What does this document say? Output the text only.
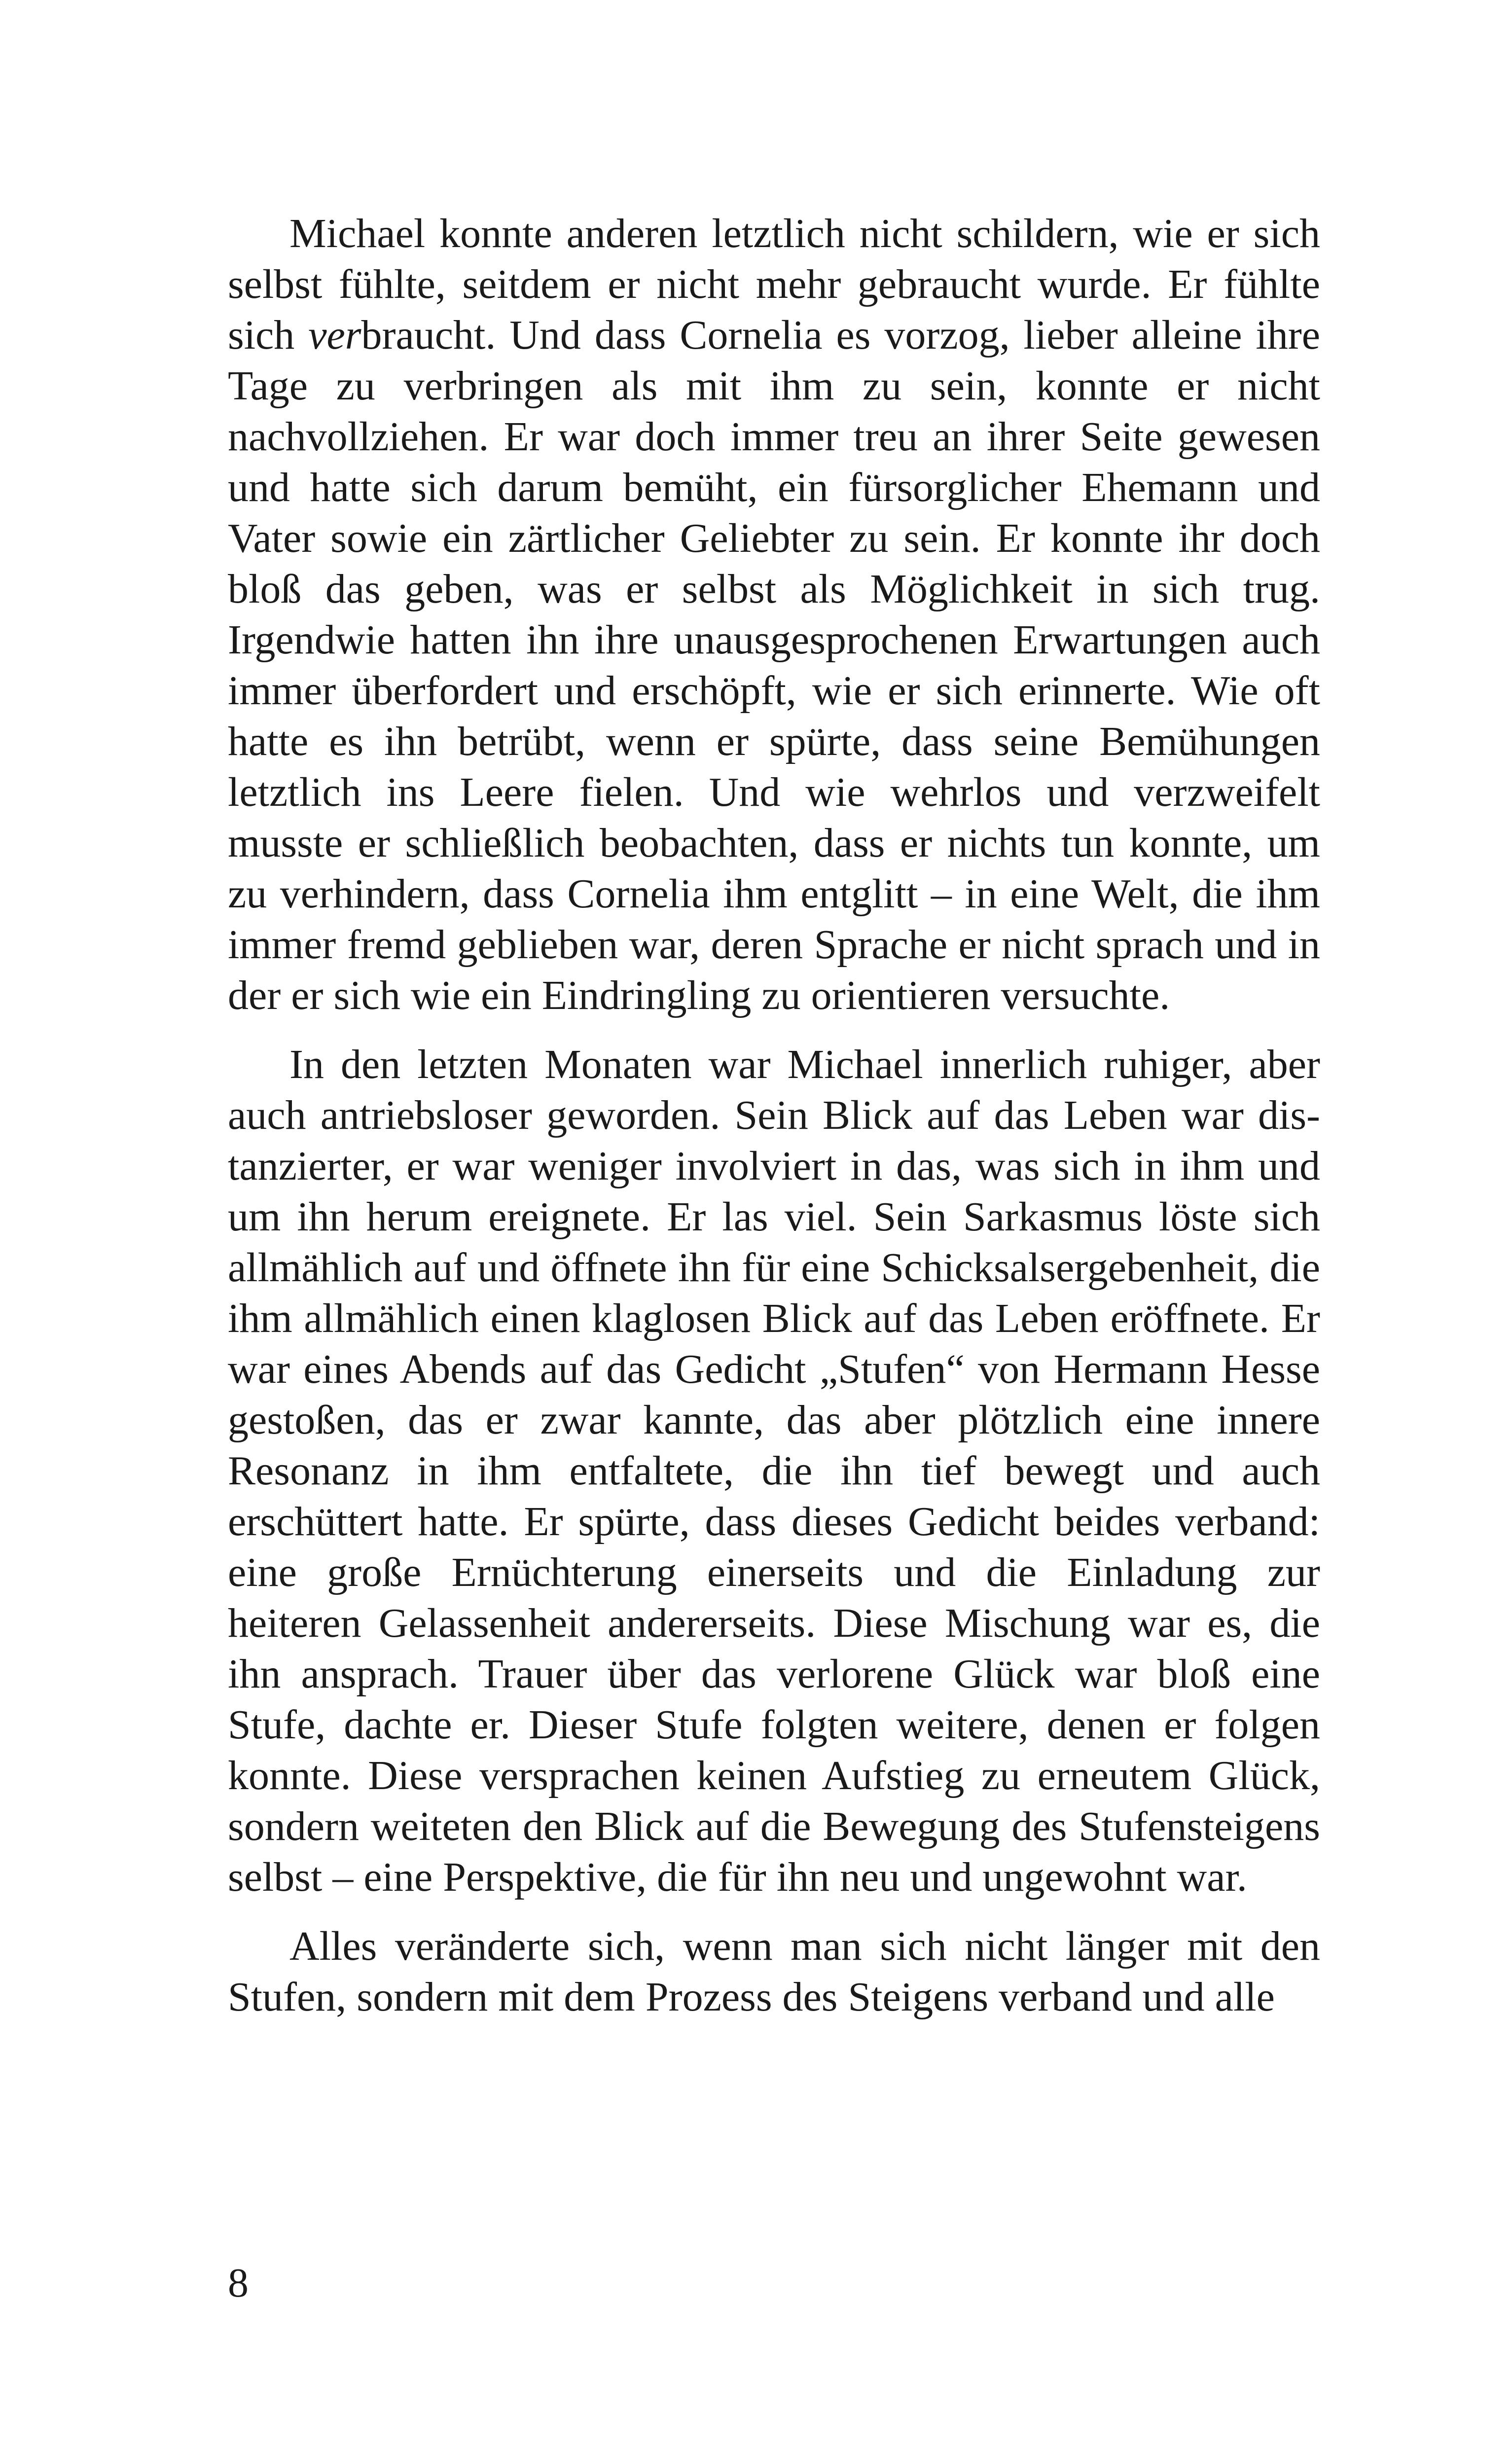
Michael konnte anderen letztlich nicht schildern, wie er sich selbst fühlte, seitdem er nicht mehr gebraucht wurde. Er fühlte sich verbraucht. Und dass Cornelia es vorzog, lieber alleine ihre Tage zu verbringen als mit ihm zu sein, konnte er nicht nachvollziehen. Er war doch immer treu an ihrer Seite gewesen und hatte sich darum bemüht, ein fürsorglicher Ehemann und Vater sowie ein zärtlicher Geliebter zu sein. Er konnte ihr doch bloß das geben, was er selbst als Möglichkeit in sich trug. Irgendwie hatten ihn ihre unausgesprochenen Erwartungen auch immer überfordert und erschöpft, wie er sich erinnerte. Wie oft hatte es ihn betrübt, wenn er spürte, dass seine Bemühungen letztlich ins Leere fielen. Und wie wehrlos und verzweifelt musste er schließlich beobachten, dass er nichts tun konnte, um zu verhindern, dass Cornelia ihm entglitt – in eine Welt, die ihm immer fremd geblieben war, deren Sprache er nicht sprach und in der er sich wie ein Eindringling zu orientieren versuchte.

In den letzten Monaten war Michael innerlich ruhiger, aber auch antriebsloser geworden. Sein Blick auf das Leben war distanzierter, er war weniger involviert in das, was sich in ihm und um ihn herum ereignete. Er las viel. Sein Sarkasmus löste sich allmählich auf und öffnete ihn für eine Schicksalsergebenheit, die ihm allmählich einen klaglosen Blick auf das Leben eröffnete. Er war eines Abends auf das Gedicht „Stufen“ von Hermann Hesse gestoßen, das er zwar kannte, das aber plötzlich eine innere Resonanz in ihm entfaltete, die ihn tief bewegt und auch erschüttert hatte. Er spürte, dass dieses Gedicht beides verband: eine große Ernüchterung einerseits und die Einladung zur heiteren Gelassenheit andererseits. Diese Mischung war es, die ihn ansprach. Trauer über das verlorene Glück war bloß eine Stufe, dachte er. Dieser Stufe folgten weitere, denen er folgen konnte. Diese versprachen keinen Aufstieg zu erneutem Glück, sondern weiteten den Blick auf die Bewegung des Stufensteigens selbst – eine Perspektive, die für ihn neu und ungewohnt war.

Alles veränderte sich, wenn man sich nicht länger mit den Stufen, sondern mit dem Prozess des Steigens verband und alle

8
